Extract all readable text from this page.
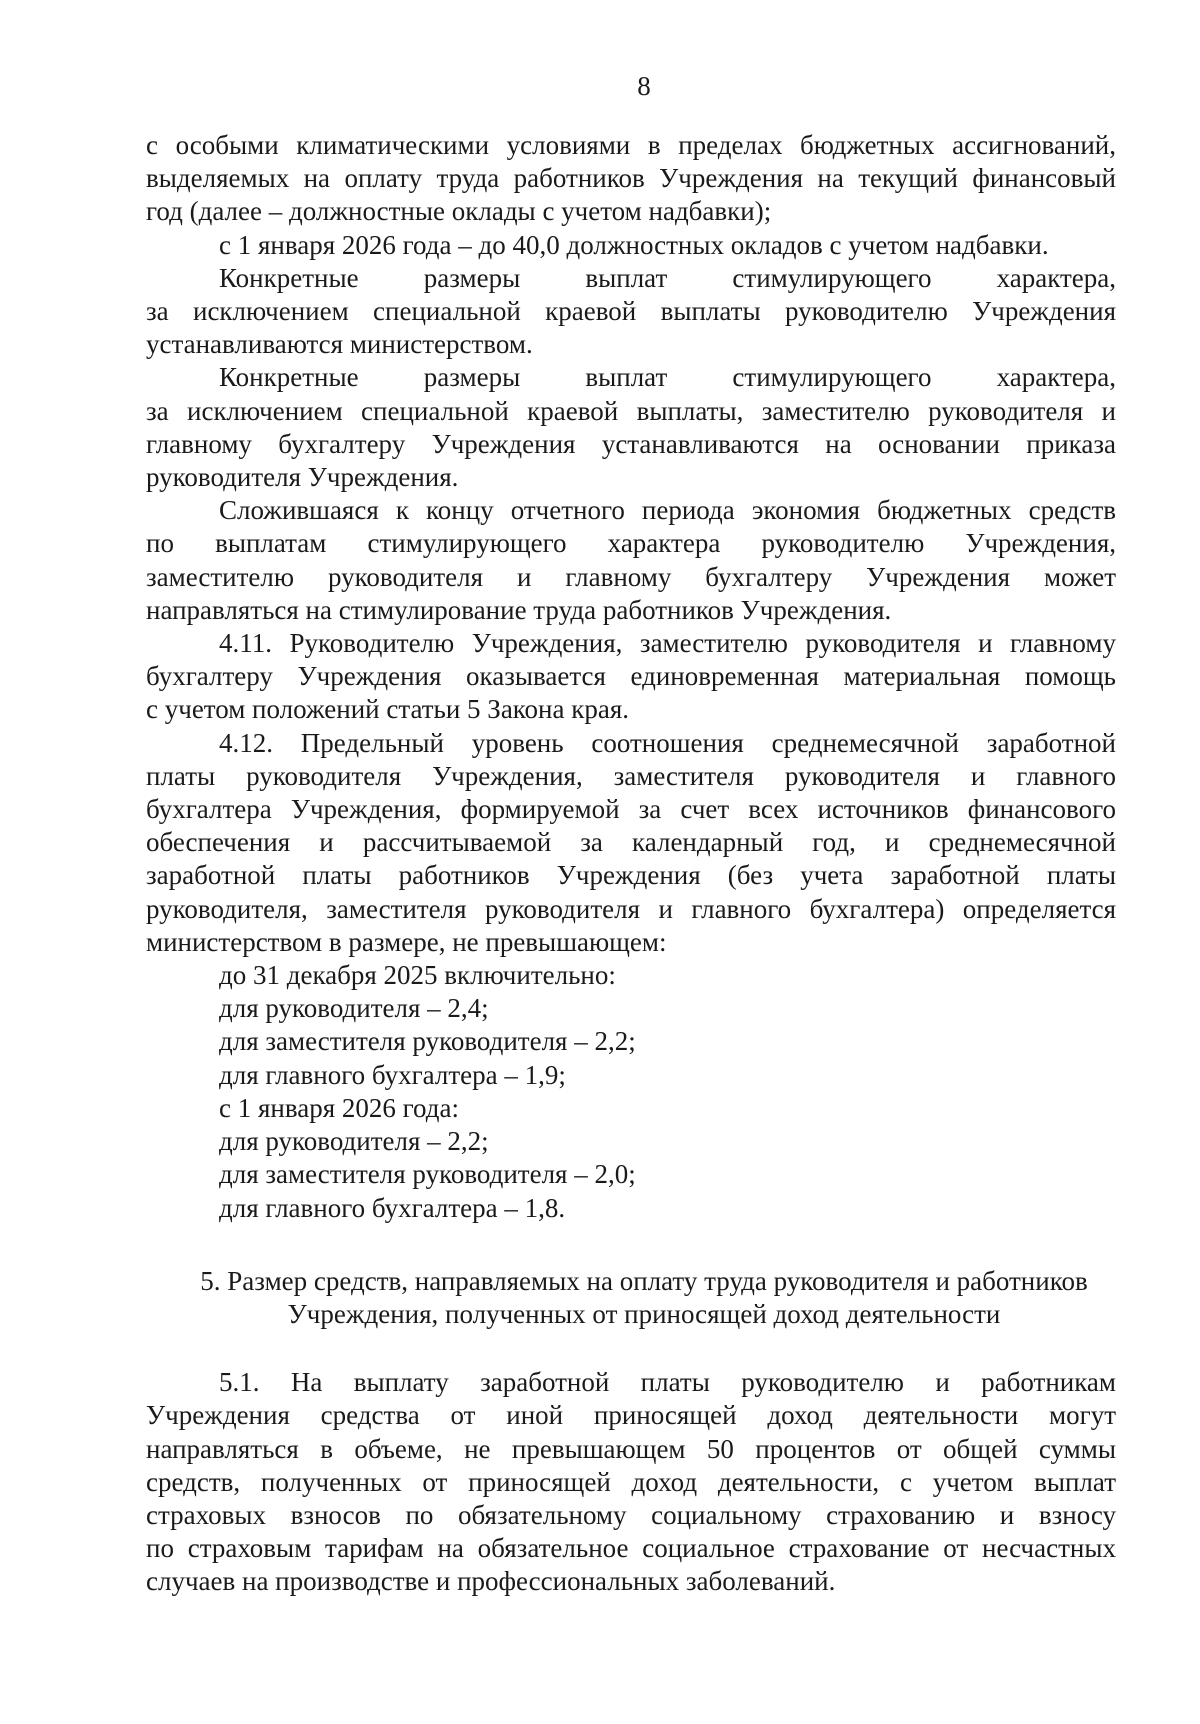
8
с особыми климатическими условиями в пределах бюджетных ассигнований,
выделяемых на оплату труда работников Учреждения на текущий финансовый
год (далее – должностные оклады с учетом надбавки);
с 1 января 2026 года – до 40,0 должностных окладов с учетом надбавки.
Конкретные размеры выплат стимулирующего характера,
за исключением специальной краевой выплаты руководителю Учреждения
устанавливаются министерством.
Конкретные размеры выплат стимулирующего характера,
за исключением специальной краевой выплаты, заместителю руководителя и
главному бухгалтеру Учреждения устанавливаются на основании приказа
руководителя Учреждения.
Сложившаяся к концу отчетного периода экономия бюджетных средств
по выплатам стимулирующего характера руководителю Учреждения,
заместителю руководителя и главному бухгалтеру Учреждения может
направляться на стимулирование труда работников Учреждения.
4.11. Руководителю Учреждения, заместителю руководителя и главному
бухгалтеру Учреждения оказывается единовременная материальная помощь
с учетом положений статьи 5 Закона края.
4.12. Предельный уровень соотношения среднемесячной заработной
платы руководителя Учреждения, заместителя руководителя и главного
бухгалтера Учреждения, формируемой за счет всех источников финансового
обеспечения и рассчитываемой за календарный год, и среднемесячной
заработной платы работников Учреждения (без учета заработной платы
руководителя, заместителя руководителя и главного бухгалтера) определяется
министерством в размере, не превышающем:
до 31 декабря 2025 включительно:
для руководителя – 2,4;
для заместителя руководителя – 2,2;
для главного бухгалтера – 1,9;
с 1 января 2026 года:
для руководителя – 2,2;
для заместителя руководителя – 2,0;
для главного бухгалтера – 1,8.
5. Размер средств, направляемых на оплату труда руководителя и работников
Учреждения, полученных от приносящей доход деятельности
5.1. На выплату заработной платы руководителю и работникам
Учреждения средства от иной приносящей доход деятельности могут
направляться в объеме, не превышающем 50 процентов от общей суммы
средств, полученных от приносящей доход деятельности, с учетом выплат
страховых взносов по обязательному социальному страхованию и взносу
по страховым тарифам на обязательное социальное страхование от несчастных
случаев на производстве и профессиональных заболеваний.
